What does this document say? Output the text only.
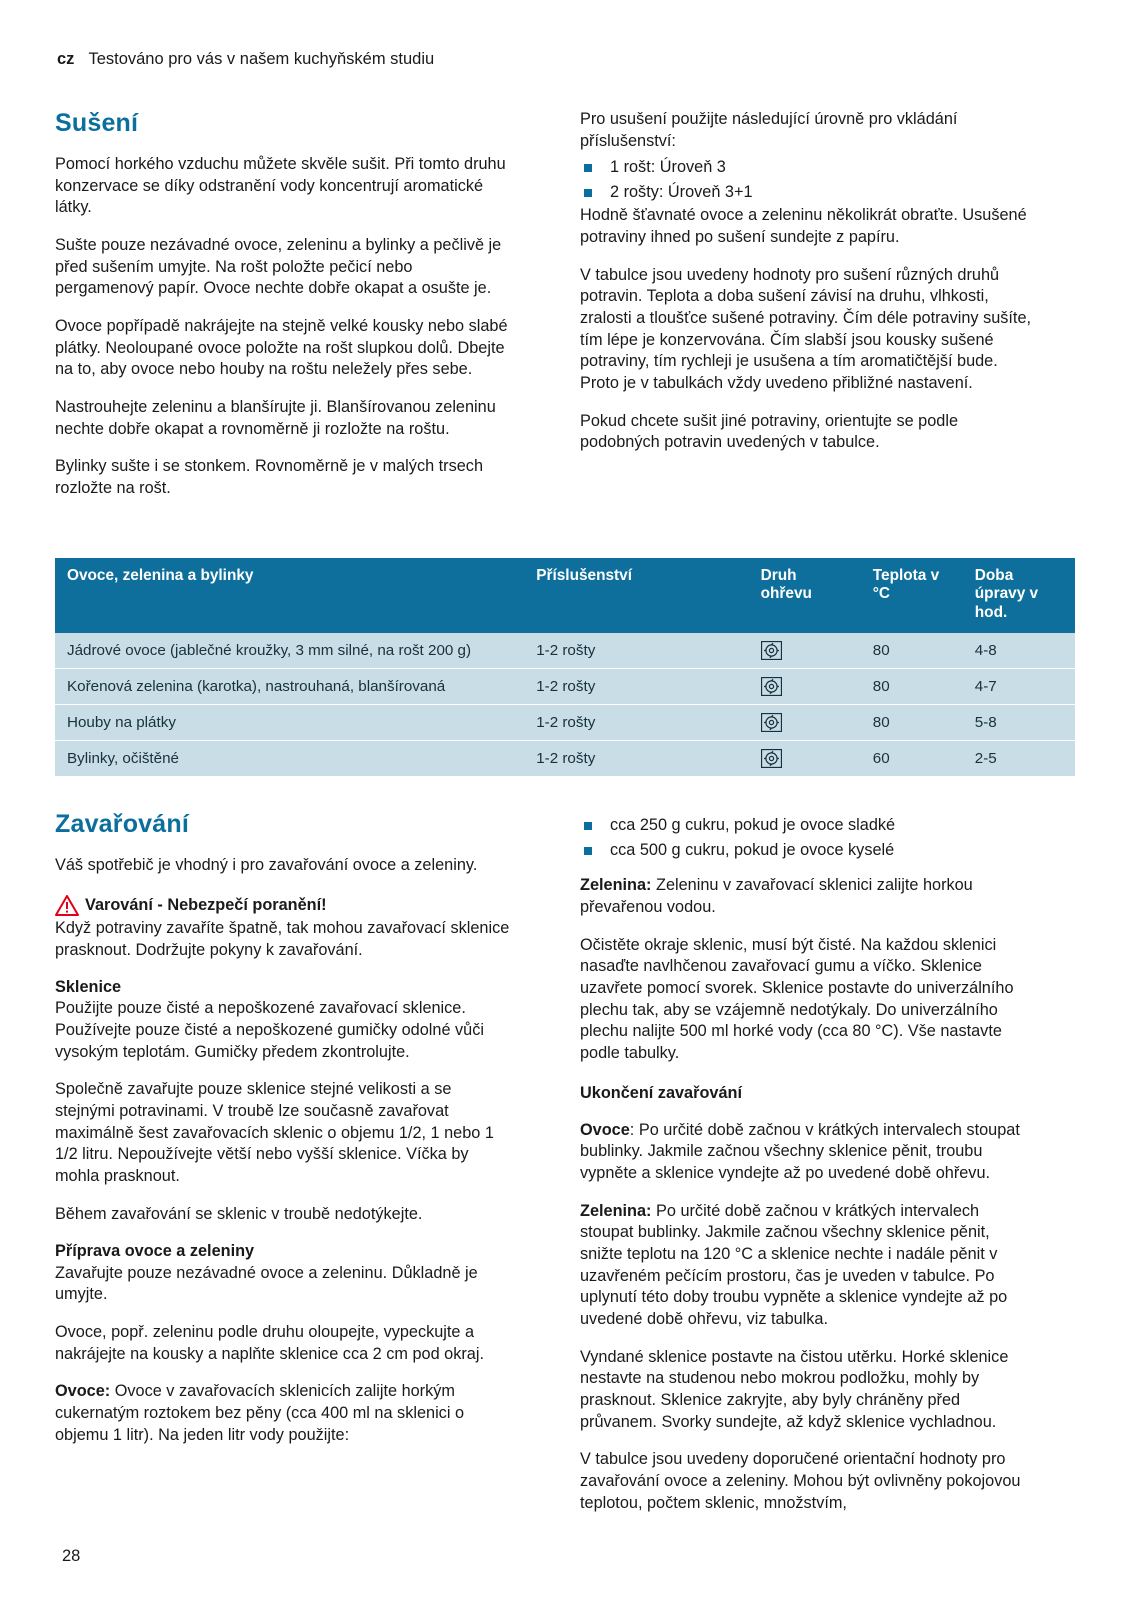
cz Testováno pro vás v našem kuchyňském studiu
Sušení

Pomocí horkého vzduchu můžete skvěle sušit. Při tomto druhu konzervace se díky odstranění vody koncentrují aromatické látky.

Sušte pouze nezávadné ovoce, zeleninu a bylinky a pečlivě je před sušením umyjte. Na rošt položte pečicí nebo pergamenový papír. Ovoce nechte dobře okapat a osušte je.

Ovoce popřípadě nakrájejte na stejně velké kousky nebo slabé plátky. Neoloupané ovoce položte na rošt slupkou dolů. Dbejte na to, aby ovoce nebo houby na roštu neležely přes sebe.

Nastrouhejte zeleninu a blanšírujte ji. Blanšírovanou zeleninu nechte dobře okapat a rovnoměrně ji rozložte na roštu.

Bylinky sušte i se stonkem. Rovnoměrně je v malých trsech rozložte na rošt.

Pro usušení použijte následující úrovně pro vkládání příslušenství:

1 rošt: Úroveň 3
2 rošty: Úroveň 3+1

Hodně šťavnaté ovoce a zeleninu několikrát obraťte. Usušené potraviny ihned po sušení sundejte z papíru.

V tabulce jsou uvedeny hodnoty pro sušení různých druhů potravin. Teplota a doba sušení závisí na druhu, vlhkosti, zralosti a tloušťce sušené potraviny. Čím déle potraviny sušíte, tím lépe je konzervována. Čím slabší jsou kousky sušené potraviny, tím rychleji je usušena a tím aromatičtější bude. Proto je v tabulkách vždy uvedeno přibližné nastavení.

Pokud chcete sušit jiné potraviny, orientujte se podle podobných potravin uvedených v tabulce.

Ovoce, zelenina a bylinky	Příslušenství	Druh ohřevu	Teplota v °C	Doba úpravy v hod.
Jádrové ovoce (jablečné kroužky, 3 mm silné, na rošt 200 g)	1-2 rošty		80	4-8
Kořenová zelenina (karotka), nastrouhaná, blanšírovaná	1-2 rošty		80	4-7
Houby na plátky	1-2 rošty		80	5-8
Bylinky, očištěné	1-2 rošty		60	2-5
Zavařování

Váš spotřebič je vhodný i pro zavařování ovoce a zeleniny.

Varování - Nebezpečí poranění!

Když potraviny zavaříte špatně, tak mohou zavařovací sklenice prasknout. Dodržujte pokyny k zavařování.

Sklenice

Použijte pouze čisté a nepoškozené zavařovací sklenice. Používejte pouze čisté a nepoškozené gumičky odolné vůči vysokým teplotám. Gumičky předem zkontrolujte.

Společně zavařujte pouze sklenice stejné velikosti a se stejnými potravinami. V troubě lze současně zavařovat maximálně šest zavařovacích sklenic o objemu 1/2, 1 nebo 1 1/2 litru. Nepoužívejte větší nebo vyšší sklenice. Víčka by mohla prasknout.

Během zavařování se sklenic v troubě nedotýkejte.

Příprava ovoce a zeleniny

Zavařujte pouze nezávadné ovoce a zeleninu. Důkladně je umyjte.

Ovoce, popř. zeleninu podle druhu oloupejte, vypeckujte a nakrájejte na kousky a naplňte sklenice cca 2 cm pod okraj.

Ovoce: Ovoce v zavařovacích sklenicích zalijte horkým cukernatým roztokem bez pěny (cca 400 ml na sklenici o objemu 1 litr). Na jeden litr vody použijte:

cca 250 g cukru, pokud je ovoce sladké
cca 500 g cukru, pokud je ovoce kyselé

Zelenina: Zeleninu v zavařovací sklenici zalijte horkou převařenou vodou.

Očistěte okraje sklenic, musí být čisté. Na každou sklenici nasaďte navlhčenou zavařovací gumu a víčko. Sklenice uzavřete pomocí svorek. Sklenice postavte do univerzálního plechu tak, aby se vzájemně nedotýkaly. Do univerzálního plechu nalijte 500 ml horké vody (cca 80 °C). Vše nastavte podle tabulky.

Ukončení zavařování

Ovoce: Po určité době začnou v krátkých intervalech stoupat bublinky. Jakmile začnou všechny sklenice pěnit, troubu vypněte a sklenice vyndejte až po uvedené době ohřevu.

Zelenina: Po určité době začnou v krátkých intervalech stoupat bublinky. Jakmile začnou všechny sklenice pěnit, snižte teplotu na 120 °C a sklenice nechte i nadále pěnit v uzavřeném pečícím prostoru, čas je uveden v tabulce. Po uplynutí této doby troubu vypněte a sklenice vyndejte až po uvedené době ohřevu, viz tabulka.

Vyndané sklenice postavte na čistou utěrku. Horké sklenice nestavte na studenou nebo mokrou podložku, mohly by prasknout. Sklenice zakryjte, aby byly chráněny před průvanem. Svorky sundejte, až když sklenice vychladnou.

V tabulce jsou uvedeny doporučené orientační hodnoty pro zavařování ovoce a zeleniny. Mohou být ovlivněny pokojovou teplotou, počtem sklenic, množstvím,

28
